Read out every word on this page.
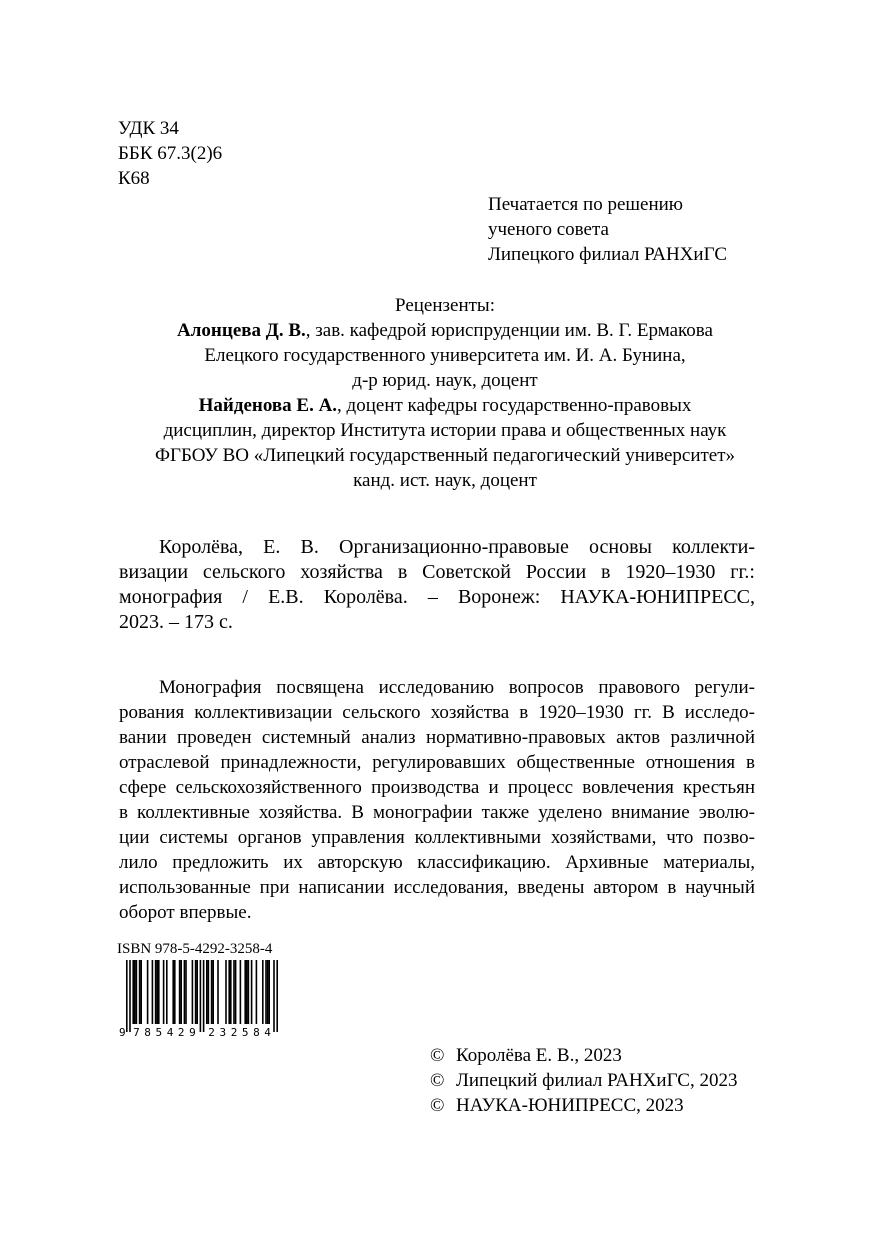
УДК 34
ББК 67.3(2)6
К68
Печатается по решению
ученого совета
Липецкого филиал РАНХиГС
Рецензенты:
Алонцева Д. В., зав. кафедрой юриспруденции им. В. Г. Ермакова
Елецкого государственного университета им. И. А. Бунина,
д-р юрид. наук, доцент
Найденова Е. А., доцент кафедры государственно-правовых
дисциплин, директор Института истории права и общественных наук
ФГБОУ ВО «Липецкий государственный педагогический университет»
канд. ист. наук, доцент
Королёва, Е. В. Организационно-правовые основы коллекти-
визации сельского хозяйства в Советской России в 1920–1930 гг.:
монография / Е.В. Королёва. – Воронеж: НАУКА-ЮНИПРЕСС,
2023. – 173 с.
Монография посвящена исследованию вопросов правового регули-
рования коллективизации сельского хозяйства в 1920–1930 гг. В исследо-
вании проведен системный анализ нормативно-правовых актов различной
отраслевой принадлежности, регулировавших общественные отношения в
сфере сельскохозяйственного производства и процесс вовлечения крестьян
в коллективные хозяйства. В монографии также уделено внимание эволю-
ции системы органов управления коллективными хозяйствами, что позво-
лило предложить их авторскую классификацию. Архивные материалы,
использованные при написании исследования, введены автором в научный
оборот впервые.
ISBN 978-5-4292-3258-4
9 7 8 5 4 2 9 2 3 2 5 8 4
© Королёва Е. В., 2023
© Липецкий филиал РАНХиГС, 2023
© НАУКА-ЮНИПРЕСС, 2023
